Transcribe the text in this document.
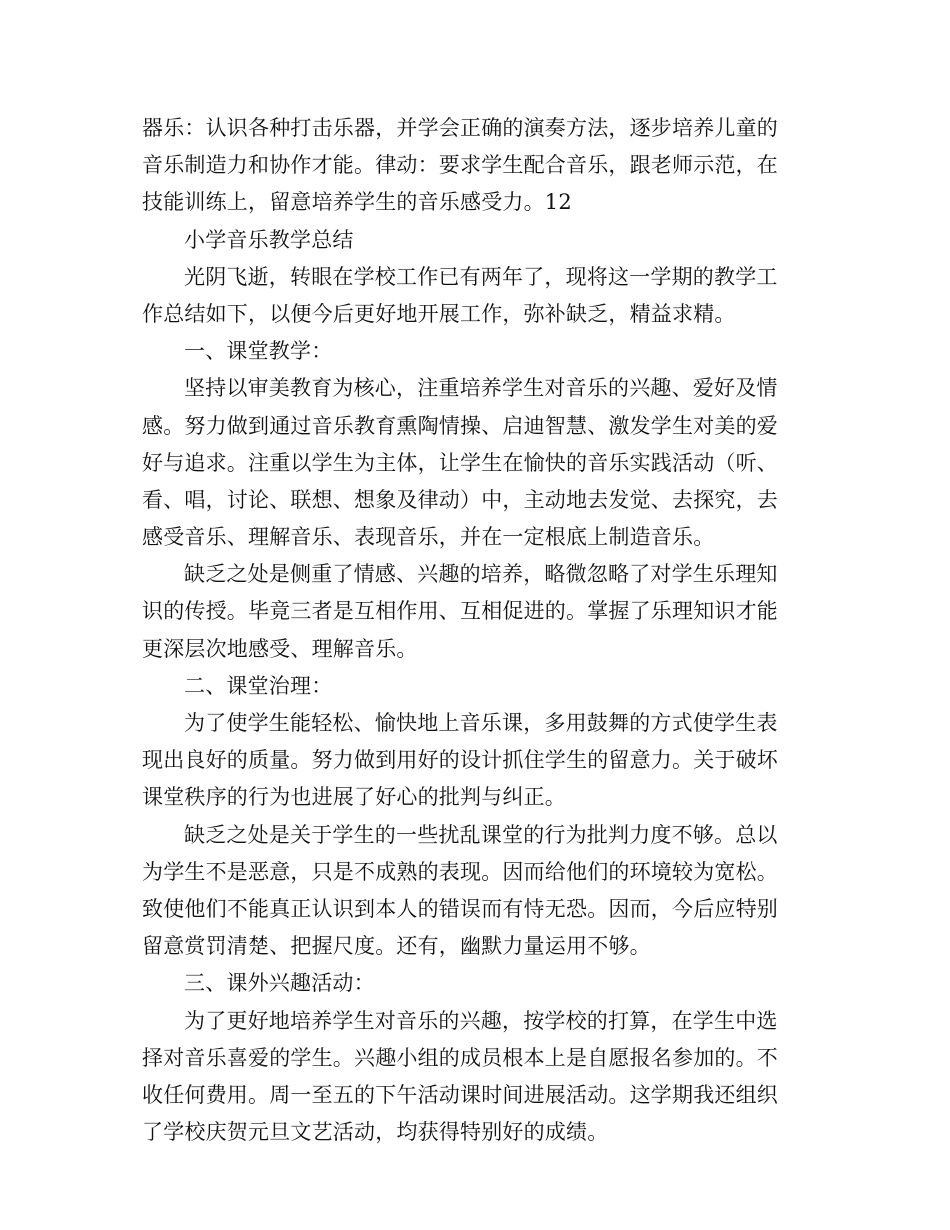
器乐：认识各种打击乐器，并学会正确的演奏方法，逐步培养儿童的
音乐制造力和协作才能。律动：要求学生配合音乐，跟老师示范，在
技能训练上，留意培养学生的音乐感受力。12
小学音乐教学总结
光阴飞逝，转眼在学校工作已有两年了，现将这一学期的教学工
作总结如下，以便今后更好地开展工作，弥补缺乏，精益求精。
一、课堂教学：
坚持以审美教育为核心，注重培养学生对音乐的兴趣、爱好及情
感。努力做到通过音乐教育熏陶情操、启迪智慧、激发学生对美的爱
好与追求。注重以学生为主体，让学生在愉快的音乐实践活动（听、
看、唱，讨论、联想、想象及律动）中，主动地去发觉、去探究，去
感受音乐、理解音乐、表现音乐，并在一定根底上制造音乐。
缺乏之处是侧重了情感、兴趣的培养，略微忽略了对学生乐理知
识的传授。毕竟三者是互相作用、互相促进的。掌握了乐理知识才能
更深层次地感受、理解音乐。
二、课堂治理：
为了使学生能轻松、愉快地上音乐课，多用鼓舞的方式使学生表
现出良好的质量。努力做到用好的设计抓住学生的留意力。关于破坏
课堂秩序的行为也进展了好心的批判与纠正。
缺乏之处是关于学生的一些扰乱课堂的行为批判力度不够。总以
为学生不是恶意，只是不成熟的表现。因而给他们的环境较为宽松。
致使他们不能真正认识到本人的错误而有恃无恐。因而，今后应特别
留意赏罚清楚、把握尺度。还有，幽默力量运用不够。
三、课外兴趣活动：
为了更好地培养学生对音乐的兴趣，按学校的打算，在学生中选
择对音乐喜爱的学生。兴趣小组的成员根本上是自愿报名参加的。不
收任何费用。周一至五的下午活动课时间进展活动。这学期我还组织
了学校庆贺元旦文艺活动，均获得特别好的成绩。
